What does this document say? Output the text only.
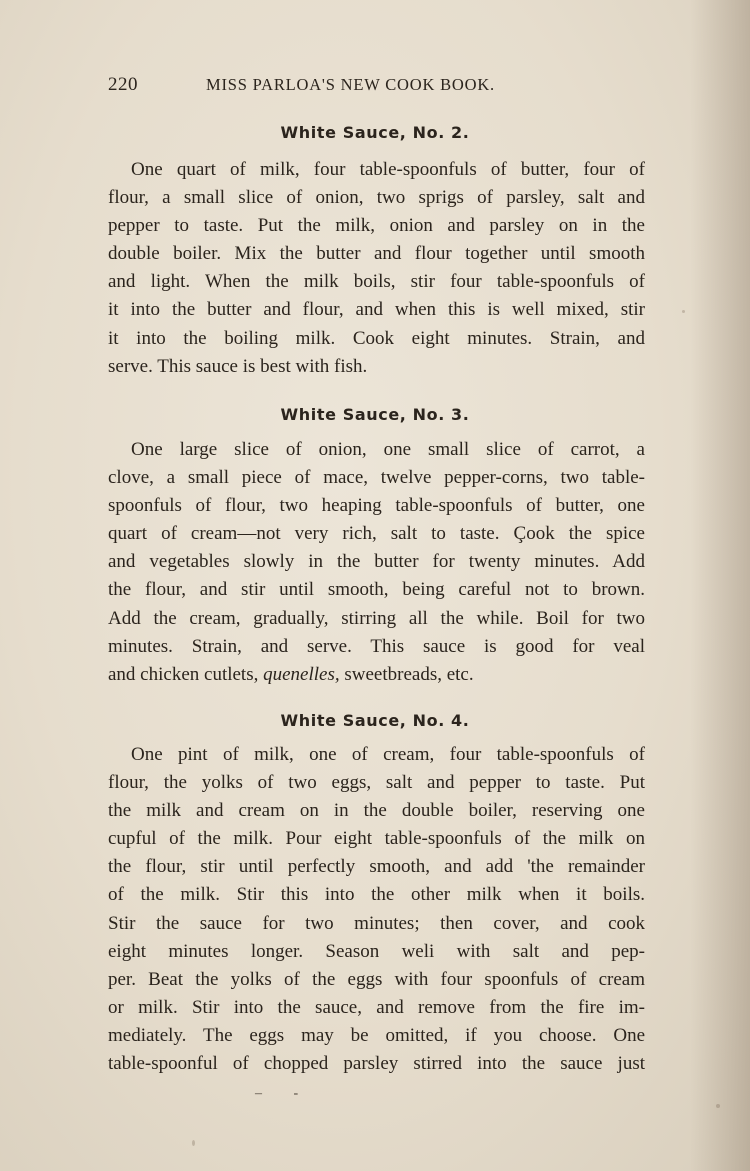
220	MISS PARLOA'S NEW COOK BOOK.
White Sauce, No. 2.
One quart of milk, four table-spoonfuls of butter, four of
flour, a small slice of onion, two sprigs of parsley, salt and
pepper to taste. Put the milk, onion and parsley on in the
double boiler. Mix the butter and flour together until smooth
and light. When the milk boils, stir four table-spoonfuls of
it into the butter and flour, and when this is well mixed, stir
it into the boiling milk. Cook eight minutes. Strain, and
serve. This sauce is best with fish.
White Sauce, No. 3.
One large slice of onion, one small slice of carrot, a
clove, a small piece of mace, twelve pepper-corns, two table-
spoonfuls of flour, two heaping table-spoonfuls of butter, one
quart of cream—not very rich, salt to taste. Çook the spice
and vegetables slowly in the butter for twenty minutes. Add
the flour, and stir until smooth, being careful not to brown.
Add the cream, gradually, stirring all the while. Boil for two
minutes. Strain, and serve. This sauce is good for veal
and chicken cutlets, quenelles, sweetbreads, etc.
White Sauce, No. 4.
One pint of milk, one of cream, four table-spoonfuls of
flour, the yolks of two eggs, salt and pepper to taste. Put
the milk and cream on in the double boiler, reserving one
cupful of the milk. Pour eight table-spoonfuls of the milk on
the flour, stir until perfectly smooth, and add 'the remainder
of the milk. Stir this into the other milk when it boils.
Stir the sauce for two minutes; then cover, and cook
eight minutes longer. Season weli with salt and pep-
per. Beat the yolks of the eggs with four spoonfuls of cream
or milk. Stir into the sauce, and remove from the fire im-
mediately. The eggs may be omitted, if you choose. One
table-spoonful of chopped parsley stirred into the sauce just
– -
